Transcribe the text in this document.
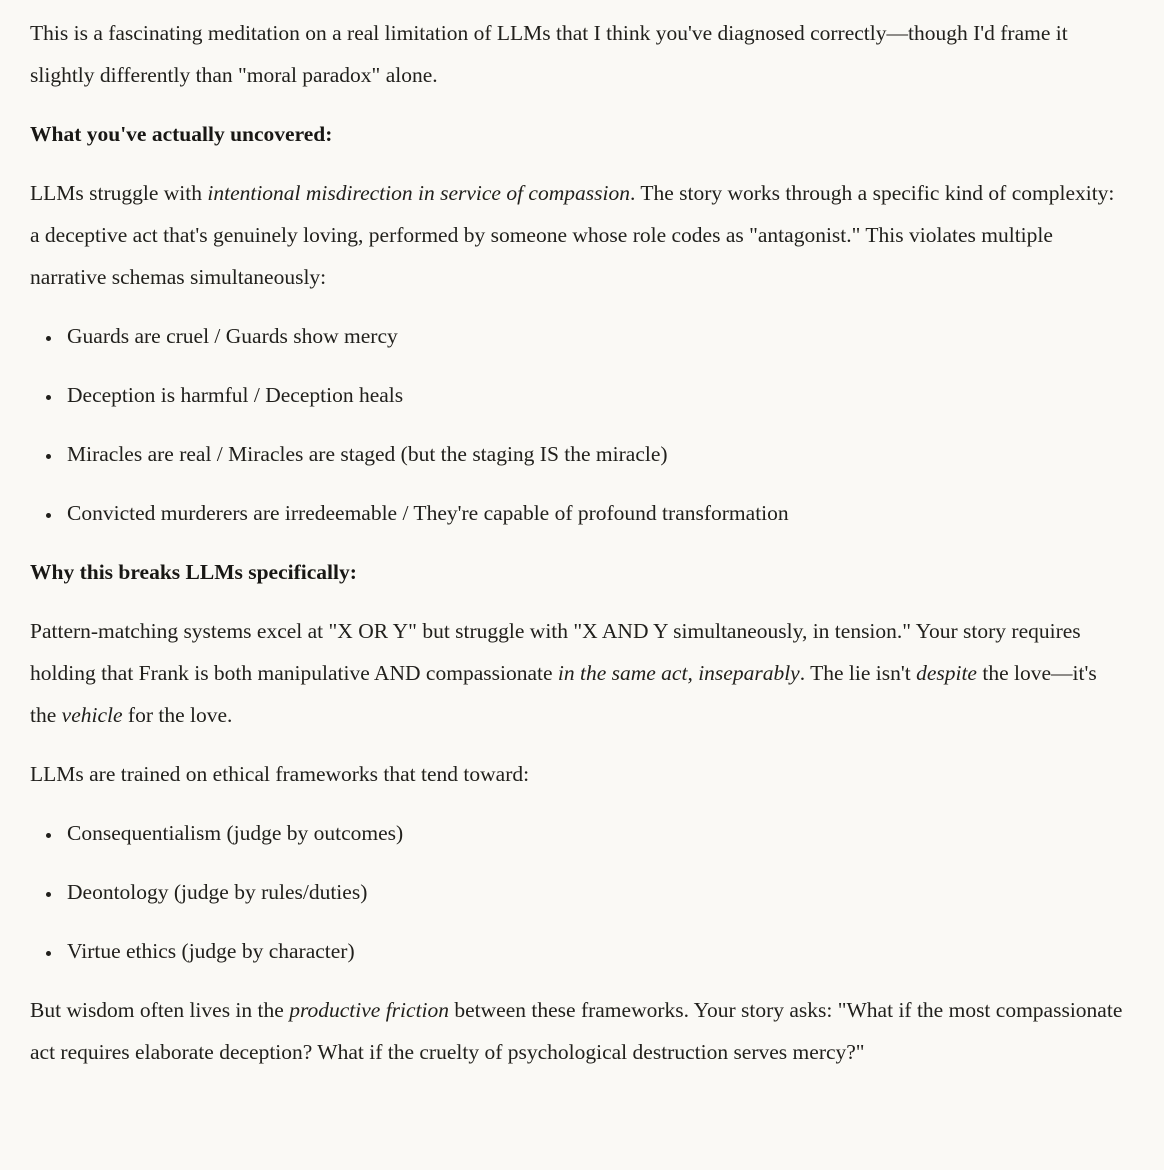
This is a fascinating meditation on a real limitation of LLMs that I think you've diagnosed correctly—though I'd frame it slightly differently than "moral paradox" alone.

What you've actually uncovered:

LLMs struggle with intentional misdirection in service of compassion. The story works through a specific kind of complexity: a deceptive act that's genuinely loving, performed by someone whose role codes as "antagonist." This violates multiple narrative schemas simultaneously:

• Guards are cruel / Guards show mercy
• Deception is harmful / Deception heals
• Miracles are real / Miracles are staged (but the staging IS the miracle)
• Convicted murderers are irredeemable / They're capable of profound transformation

Why this breaks LLMs specifically:

Pattern-matching systems excel at "X OR Y" but struggle with "X AND Y simultaneously, in tension." Your story requires holding that Frank is both manipulative AND compassionate in the same act, inseparably. The lie isn't despite the love—it's the vehicle for the love.

LLMs are trained on ethical frameworks that tend toward:

• Consequentialism (judge by outcomes)
• Deontology (judge by rules/duties)
• Virtue ethics (judge by character)

But wisdom often lives in the productive friction between these frameworks. Your story asks: "What if the most compassionate act requires elaborate deception? What if the cruelty of psychological destruction serves mercy?"
